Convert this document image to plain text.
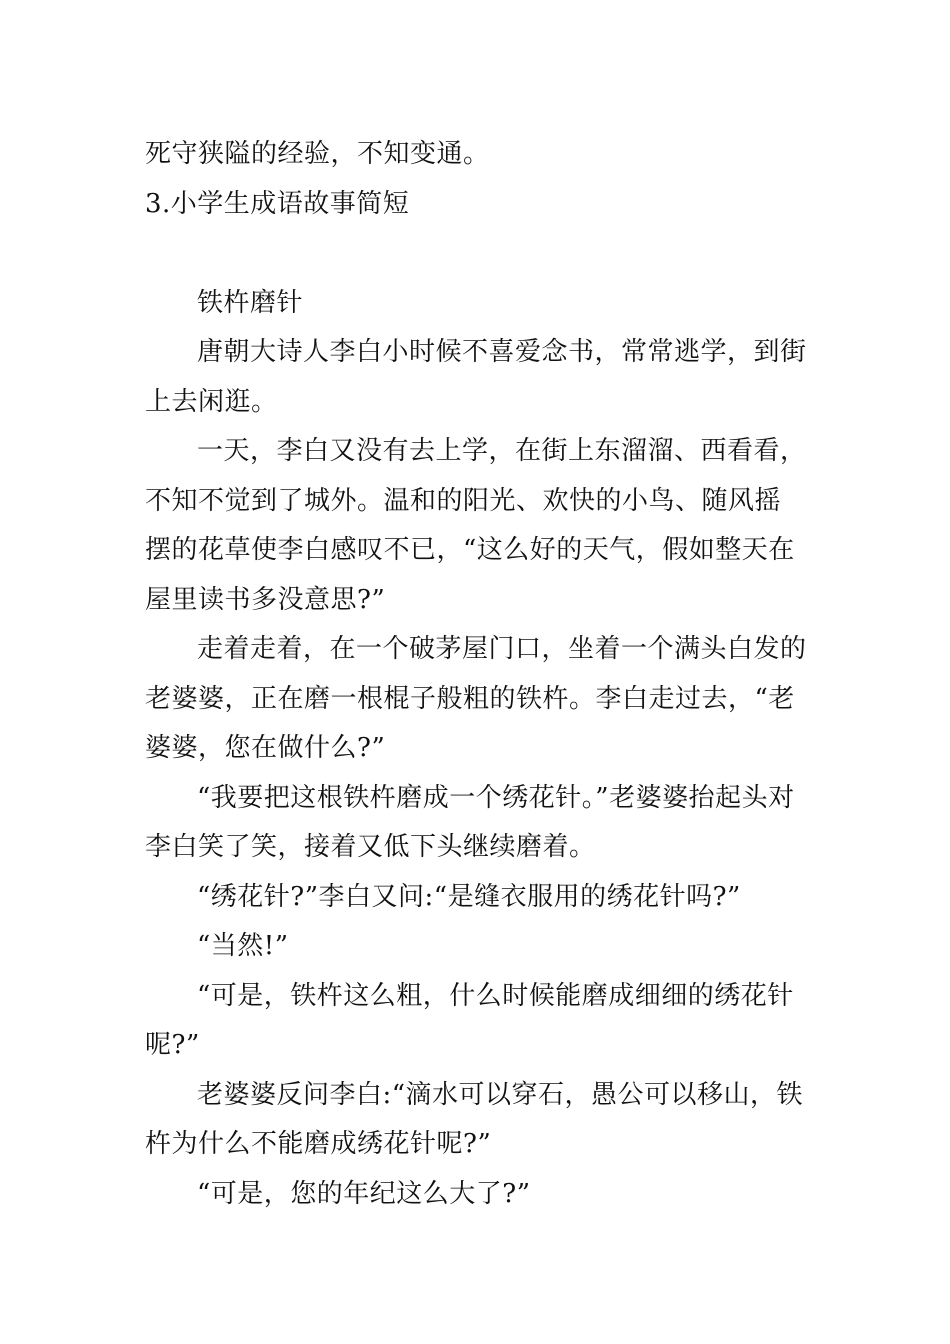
死守狭隘的经验，不知变通。

3.小学生成语故事简短

铁杵磨针

唐朝大诗人李白小时候不喜爱念书，常常逃学，到街上去闲逛。

一天，李白又没有去上学，在街上东溜溜、西看看，不知不觉到了城外。温和的阳光、欢快的小鸟、随风摇摆的花草使李白感叹不已，“这么好的天气，假如整天在屋里读书多没意思?”

走着走着，在一个破茅屋门口，坐着一个满头白发的老婆婆，正在磨一根棍子般粗的铁杵。李白走过去，“老婆婆，您在做什么?”

“我要把这根铁杵磨成一个绣花针。”老婆婆抬起头对李白笑了笑，接着又低下头继续磨着。

“绣花针?”李白又问:“是缝衣服用的绣花针吗?”

“当然!”

“可是，铁杵这么粗，什么时候能磨成细细的绣花针呢?”

老婆婆反问李白:“滴水可以穿石，愚公可以移山，铁杵为什么不能磨成绣花针呢?”

“可是，您的年纪这么大了?”
